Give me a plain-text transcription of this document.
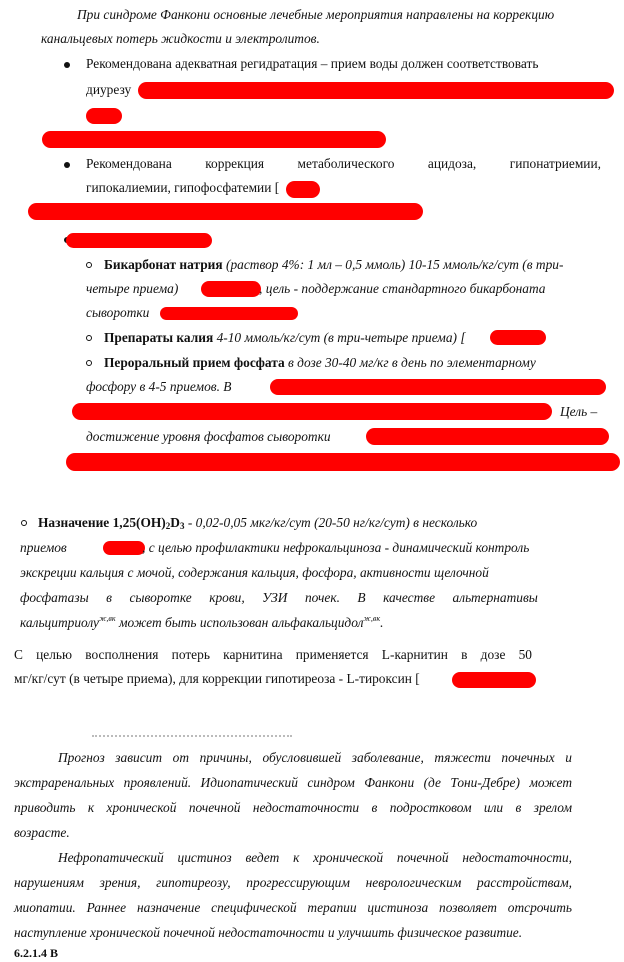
При синдроме Фанкони основные лечебные мероприятия направлены на коррекцию
канальцевых потерь жидкости и электролитов.
Рекомендована адекватная регидратация – прием воды должен соответствовать
диурезу
Рекомендована коррекция метаболического ацидоза, гипонатриемии,
гипокалиемии, гипофосфатемии [
Бикарбонат натрия (раствор 4%: 1 мл – 0,5 ммоль) 10-15 ммоль/кг/сут (в три-
четыре приема)	, цель - поддержание стандартного бикарбоната
сыворотки
Препараты калия 4-10 ммоль/кг/сут (в три-четыре приема) [
Пероральный прием фосфата в дозе 30-40 мг/кг в день по элементарному
фосфору в 4-5 приемов. В
Цель –
достижение уровня фосфатов сыворотки
Назначение $1,25(OH)_2D_3 - 0,02-0,05$ мкг/кг/сут (20-50 нг/кг/сут) в несколько
приемов	, с целью профилактики нефрокальциноза - динамический контроль
экскреции кальция с мочой, содержания кальция, фосфора, активности щелочной
фосфатазы в сыворотке крови, УЗИ почек. В качестве альтернативы
кальцитриолу$^{ж,вк}$ может быть использован альфакальцидол$^{ж,вк}$.
С целью восполнения потерь карнитина применяется L-карнитин в дозе 50
мг/кг/сут (в четыре приема), для коррекции гипотиреоза - L-тироксин [
Прогноз зависит от причины, обусловившей заболевание, тяжести почечных и
экстраренальных проявлений. Идиопатический синдром Фанкони (де Тони-Дебре) может
приводить к хронической почечной недостаточности в подростковом или в зрелом
возрасте.
Нефропатический цистиноз ведет к хронической почечной недостаточности,
нарушениям зрения, гипотиреозу, прогрессирующим неврологическим расстройствам,
миопатии. Раннее назначение специфической терапии цистиноза позволяет отсрочить
наступление хронической почечной недостаточности и улучшить физическое развитие.
6.2.1.4 В
